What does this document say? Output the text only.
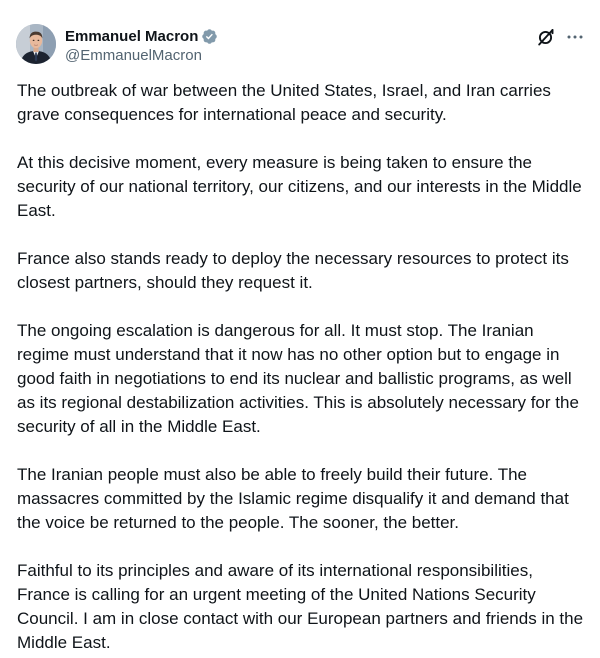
Emmanuel Macron
@EmmanuelMacron

The outbreak of war between the United States, Israel, and Iran carries grave consequences for international peace and security.

At this decisive moment, every measure is being taken to ensure the security of our national territory, our citizens, and our interests in the Middle East.

France also stands ready to deploy the necessary resources to protect its closest partners, should they request it.

The ongoing escalation is dangerous for all. It must stop. The Iranian regime must understand that it now has no other option but to engage in good faith in negotiations to end its nuclear and ballistic programs, as well as its regional destabilization activities. This is absolutely necessary for the security of all in the Middle East.

The Iranian people must also be able to freely build their future. The massacres committed by the Islamic regime disqualify it and demand that the voice be returned to the people. The sooner, the better.

Faithful to its principles and aware of its international responsibilities, France is calling for an urgent meeting of the United Nations Security Council. I am in close contact with our European partners and friends in the Middle East.
